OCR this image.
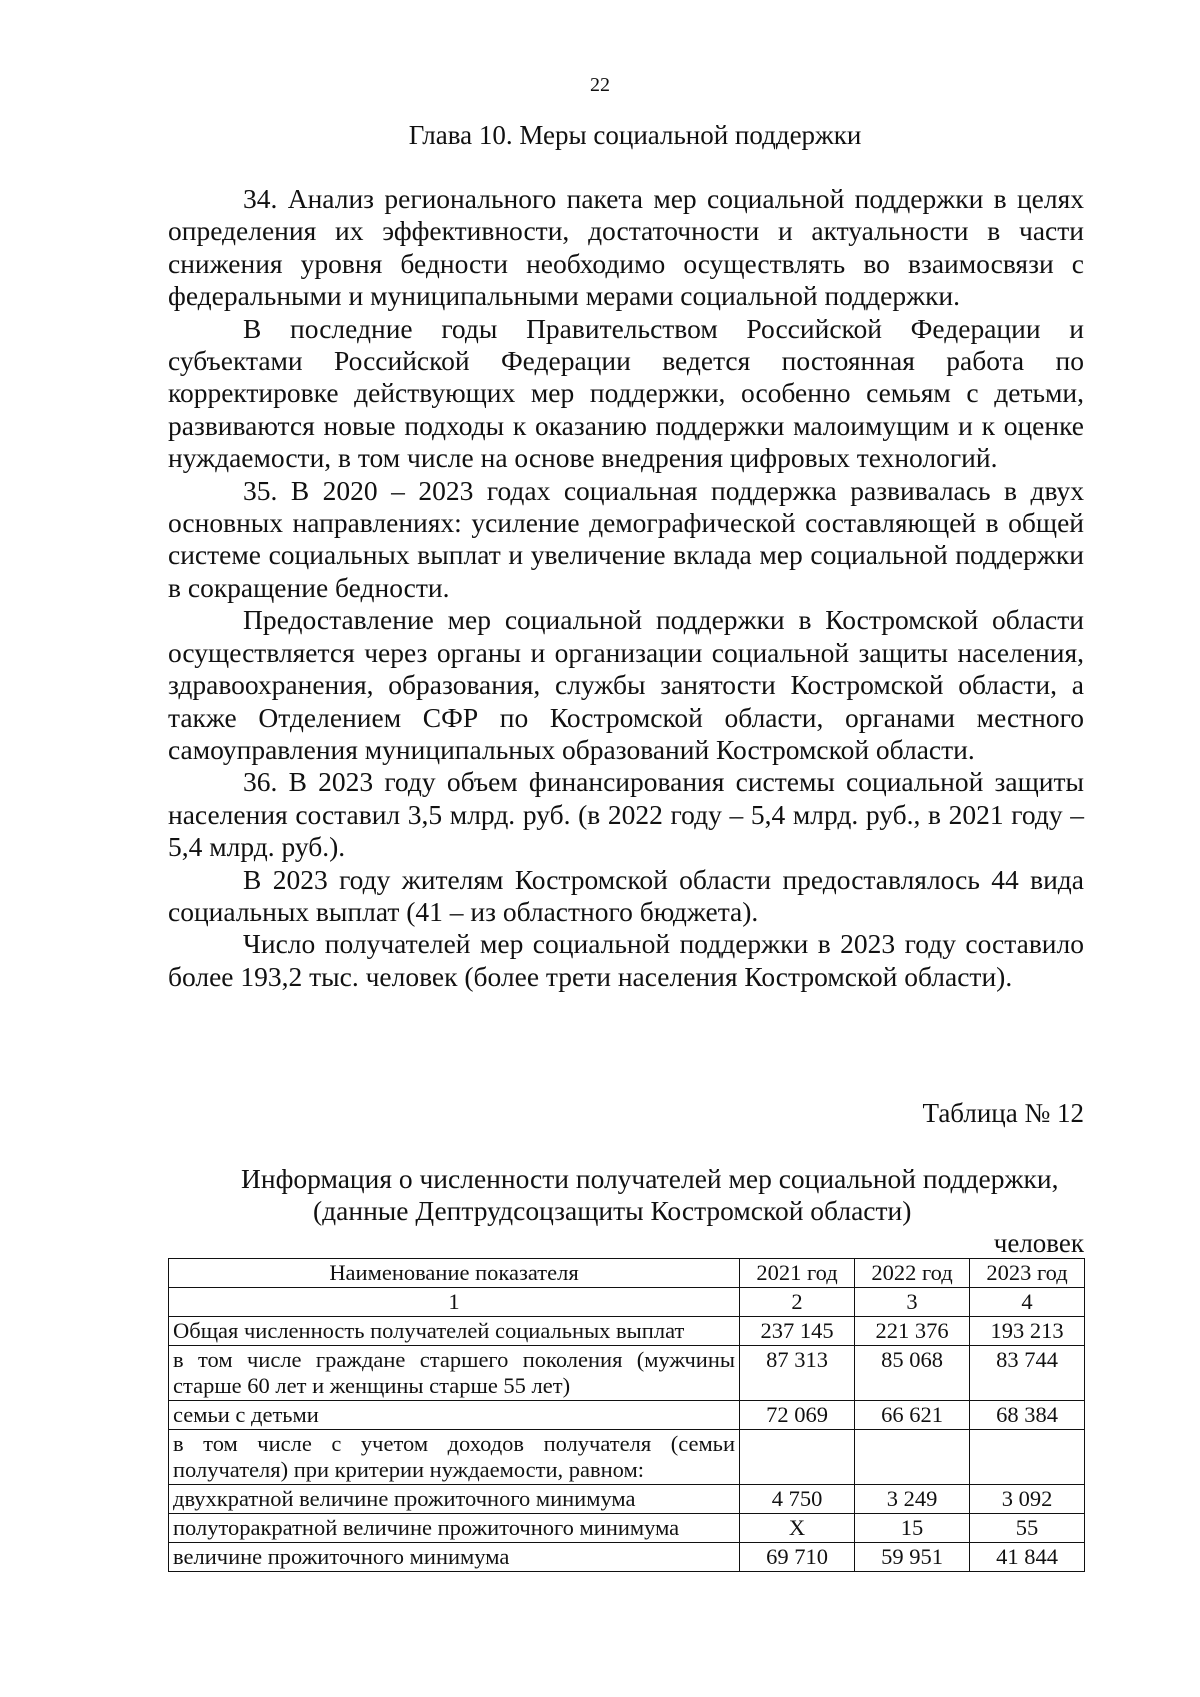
22
Глава 10. Меры социальной поддержки

34. Анализ регионального пакета мер социальной поддержки в целях определения их эффективности, достаточности и актуальности в части снижения уровня бедности необходимо осуществлять во взаимосвязи с федеральными и муниципальными мерами социальной поддержки.

В последние годы Правительством Российской Федерации и субъектами Российской Федерации ведется постоянная работа по корректировке действующих мер поддержки, особенно семьям с детьми, развиваются новые подходы к оказанию поддержки малоимущим и к оценке нуждаемости, в том числе на основе внедрения цифровых технологий.

35. В 2020 – 2023 годах социальная поддержка развивалась в двух основных направлениях: усиление демографической составляющей в общей системе социальных выплат и увеличение вклада мер социальной поддержки в сокращение бедности.

Предоставление мер социальной поддержки в Костромской области осуществляется через органы и организации социальной защиты населения, здравоохранения, образования, службы занятости Костромской области, а также Отделением СФР по Костромской области, органами местного самоуправления муниципальных образований Костромской области.

36. В 2023 году объем финансирования системы социальной защиты населения составил 3,5 млрд. руб. (в 2022 году – 5,4 млрд. руб., в 2021 году – 5,4 млрд. руб.).

В 2023 году жителям Костромской области предоставлялось 44 вида социальных выплат (41 – из областного бюджета).

Число получателей мер социальной поддержки в 2023 году составило более 193,2 тыс. человек (более трети населения Костромской области).

Таблица № 12
Информация о численности получателей мер социальной поддержки,
(данные Дептрудсоцзащиты Костромской области)
человек
Наименование показателя	2021 год	2022 год	2023 год
1	2	3	4
Общая численность получателей социальных выплат	237 145	221 376	193 213
в том числе граждане старшего поколения (мужчины старше 60 лет и женщины старше 55 лет)	87 313	85 068	83 744
семьи с детьми	72 069	66 621	68 384
в том числе с учетом доходов получателя (семьи получателя) при критерии нуждаемости, равном:			
двухкратной величине прожиточного минимума	4 750	3 249	3 092
полуторакратной величине прожиточного минимума	Х	15	55
величине прожиточного минимума	69 710	59 951	41 844
